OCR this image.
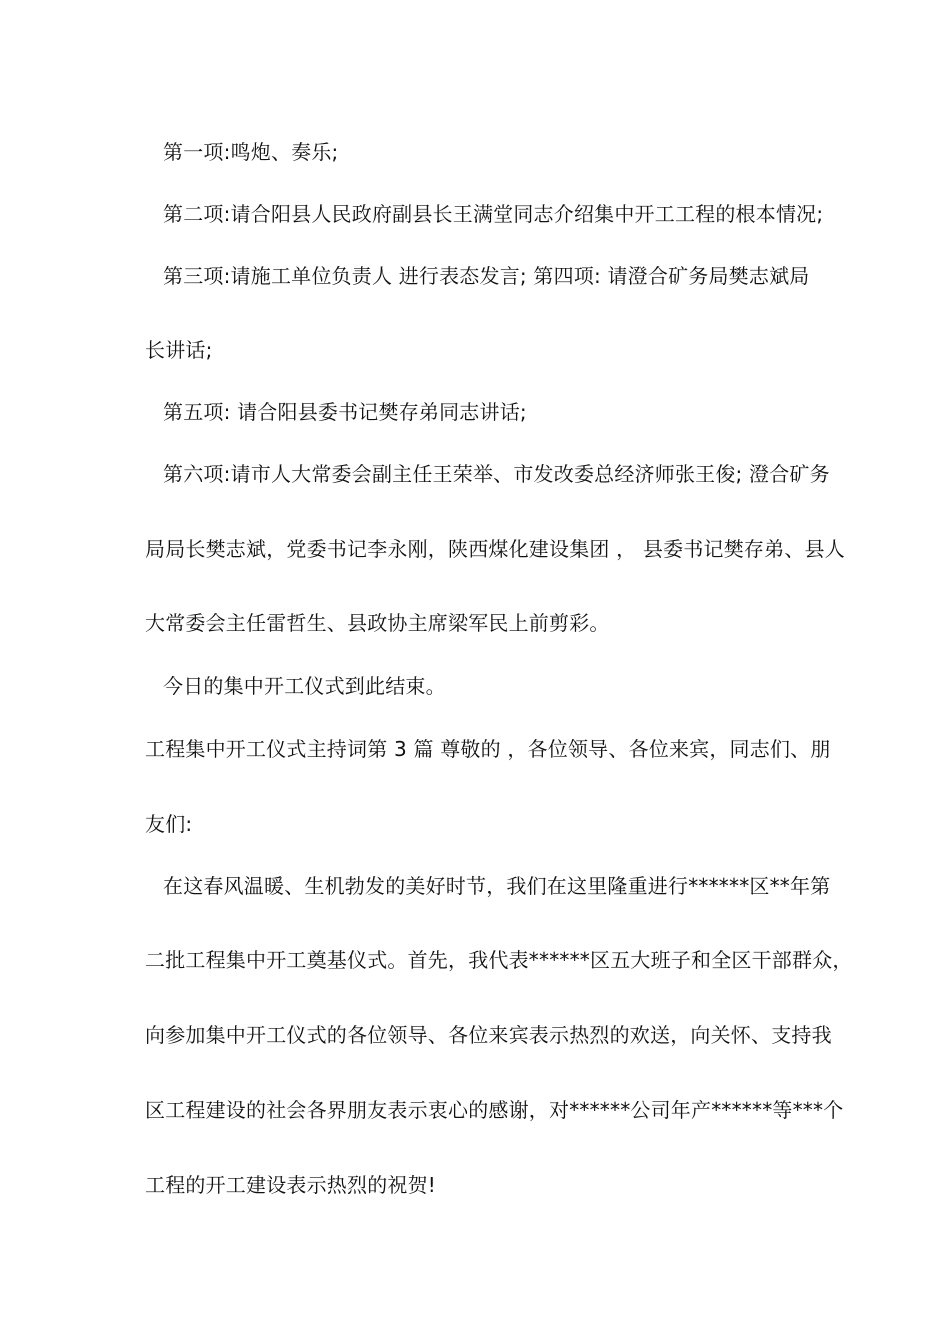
第一项:鸣炮、奏乐;
第二项:请合阳县人民政府副县长王满堂同志介绍集中开工工程的根本情况;
第三项:请施工单位负责人 进行表态发言; 第四项: 请澄合矿务局樊志斌局
长讲话;
第五项: 请合阳县委书记樊存弟同志讲话;
第六项:请市人大常委会副主任王荣举、市发改委总经济师张王俊; 澄合矿务
局局长樊志斌，党委书记李永刚，陕西煤化建设集团 ， 县委书记樊存弟、县人
大常委会主任雷哲生、县政协主席梁军民上前剪彩。
今日的集中开工仪式到此结束。
工程集中开工仪式主持词第 3 篇 尊敬的 ，各位领导、各位来宾，同志们、朋
友们:
在这春风温暖、生机勃发的美好时节，我们在这里隆重进行******区**年第
二批工程集中开工奠基仪式。首先，我代表******区五大班子和全区干部群众，
向参加集中开工仪式的各位领导、各位来宾表示热烈的欢送，向关怀、支持我
区工程建设的社会各界朋友表示衷心的感谢，对******公司年产******等***个
工程的开工建设表示热烈的祝贺!
